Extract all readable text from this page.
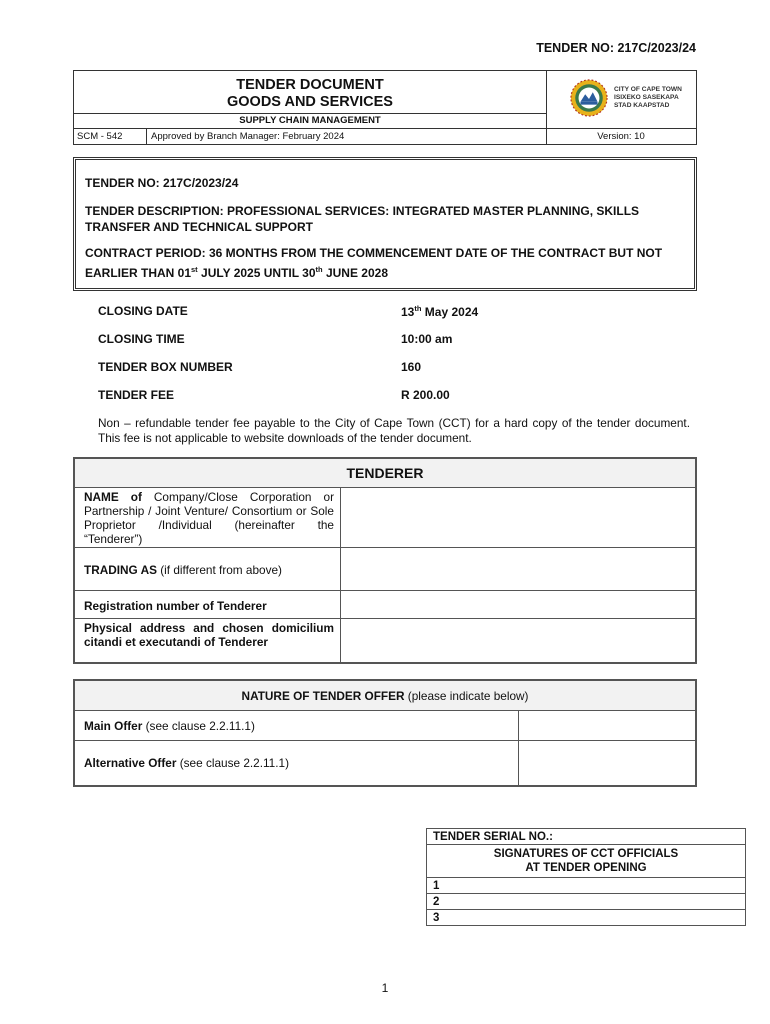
TENDER NO: 217C/2023/24
TENDER DOCUMENT
GOODS AND SERVICES
SUPPLY CHAIN MANAGEMENT
SCM - 542	Approved by Branch Manager: February 2024	Version: 10
CITY OF CAPE TOWN
ISIXEKO SASEKAPA
STAD KAAPSTAD

TENDER NO: 217C/2023/24

TENDER DESCRIPTION: PROFESSIONAL SERVICES: INTEGRATED MASTER PLANNING, SKILLS TRANSFER AND TECHNICAL SUPPORT

CONTRACT PERIOD: 36 MONTHS FROM THE COMMENCEMENT DATE OF THE CONTRACT BUT NOT EARLIER THAN 01st JULY 2025 UNTIL 30th JUNE 2028

CLOSING DATE	13th May 2024
CLOSING TIME	10:00 am
TENDER BOX NUMBER	160
TENDER FEE	R 200.00
Non – refundable tender fee payable to the City of Cape Town (CCT) for a hard copy of the tender document. This fee is not applicable to website downloads of the tender document.
TENDERER	
NAME of Company/Close Corporation or Partnership / Joint Venture/ Consortium or Sole Proprietor /Individual (hereinafter the “Tenderer”)	
TRADING AS (if different from above)	
Registration number of Tenderer	
Physical address and chosen domicilium citandi et executandi of Tenderer	
NATURE OF TENDER OFFER (please indicate below)	
Main Offer (see clause 2.2.11.1)	
Alternative Offer (see clause 2.2.11.1)	
TENDER SERIAL NO.:

SIGNATURES OF CCT OFFICIALS
AT TENDER OPENING

1
2
3
1
